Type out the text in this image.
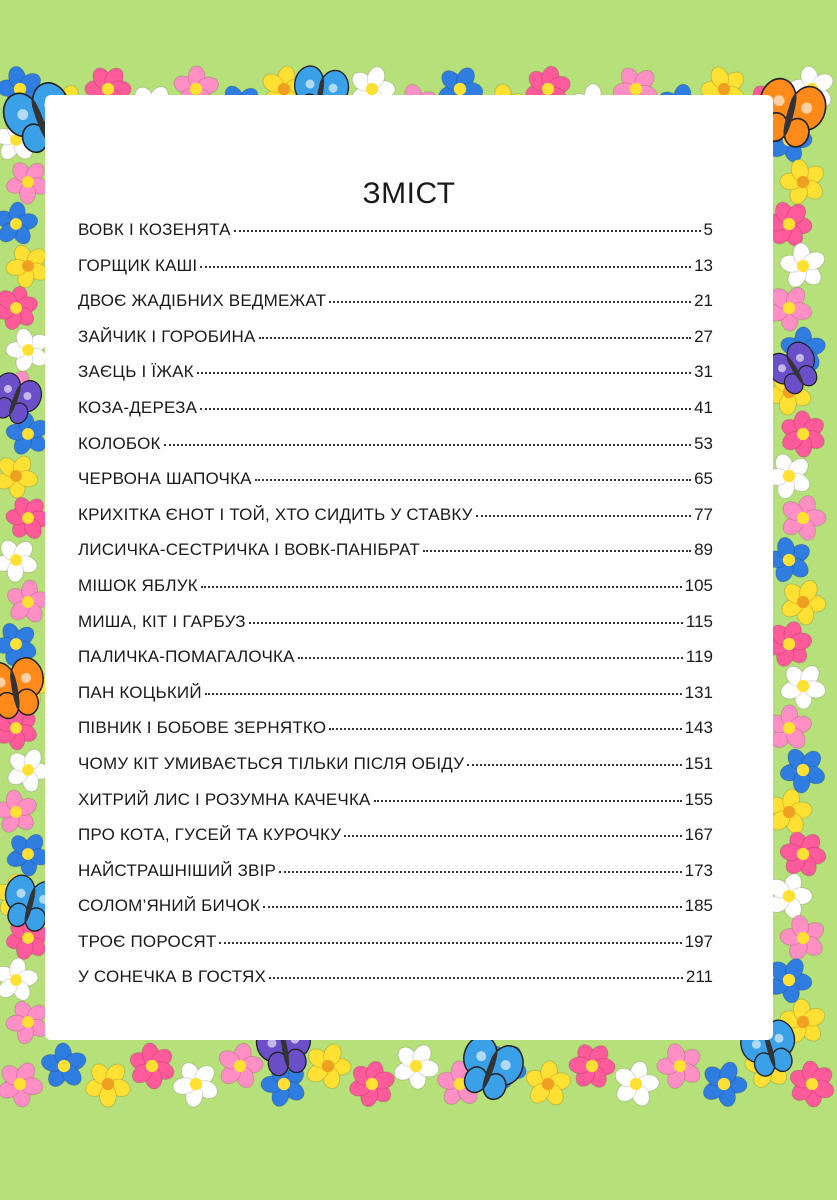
ЗМІСТ
ВОВК І КОЗЕНЯТА	5
ГОРЩИК КАШІ	13
ДВОЄ ЖАДІБНИХ ВЕДМЕЖАТ	21
ЗАЙЧИК І ГОРОБИНА	27
ЗАЄЦЬ І ЇЖАК	31
КОЗА-ДЕРЕЗА	41
КОЛОБОК	53
ЧЕРВОНА ШАПОЧКА	65
КРИХІТКА ЄНОТ І ТОЙ, ХТО СИДИТЬ У СТАВКУ	77
ЛИСИЧКА-СЕСТРИЧКА І ВОВК-ПАНІБРАТ	89
МІШОК ЯБЛУК	105
МИША, КІТ І ГАРБУЗ	115
ПАЛИЧКА-ПОМАГАЛОЧКА	119
ПАН КОЦЬКИЙ	131
ПІВНИК І БОБОВЕ ЗЕРНЯТКО	143
ЧОМУ КІТ УМИВАЄТЬСЯ ТІЛЬКИ ПІСЛЯ ОБІДУ	151
ХИТРИЙ ЛИС І РОЗУМНА КАЧЕЧКА	155
ПРО КОТА, ГУСЕЙ ТА КУРОЧКУ	167
НАЙСТРАШНІШИЙ ЗВІР	173
СОЛОМ’ЯНИЙ БИЧОК	185
ТРОЄ ПОРОСЯТ	197
У СОНЕЧКА В ГОСТЯХ	211
